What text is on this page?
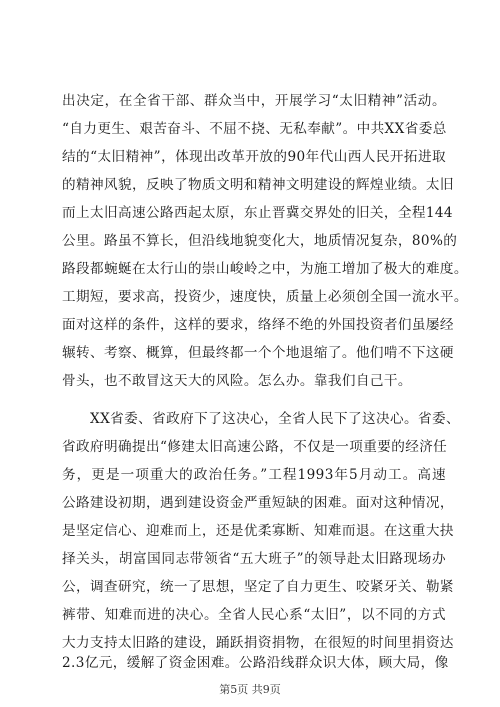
出决定，在全省干部、群众当中，开展学习“太旧精神”活动。
“自力更生、艰苦奋斗、不屈不挠、无私奉献”。中共XX省委总
结的“太旧精神”，体现出改革开放的90年代山西人民开拓进取
的精神风貌，反映了物质文明和精神文明建设的辉煌业绩。太旧
而上太旧高速公路西起太原，东止晋冀交界处的旧关，全程144
公里。路虽不算长，但沿线地貌变化大，地质情况复杂，80%的
路段都蜿蜒在太行山的崇山峻岭之中，为施工增加了极大的难度。
工期短，要求高，投资少，速度快，质量上必须创全国一流水平。
面对这样的条件，这样的要求，络绎不绝的外国投资者们虽屡经
辗转、考察、概算，但最终都一个个地退缩了。他们啃不下这硬
骨头，也不敢冒这天大的风险。怎么办。靠我们自己干。
XX省委、省政府下了这决心，全省人民下了这决心。省委、
省政府明确提出“修建太旧高速公路，不仅是一项重要的经济任
务，更是一项重大的政治任务。”工程1993年5月动工。高速
公路建设初期，遇到建设资金严重短缺的困难。面对这种情况，
是坚定信心、迎难而上，还是优柔寡断、知难而退。在这重大抉
择关头，胡富国同志带领省“五大班子”的领导赴太旧路现场办
公，调查研究，统一了思想，坚定了自力更生、咬紧牙关、勒紧
裤带、知难而进的决心。全省人民心系“太旧”，以不同的方式
大力支持太旧路的建设，踊跃捐资捐物，在很短的时间里捐资达
2.3亿元，缓解了资金困难。公路沿线群众识大体，顾大局，像
第5页 共9页
